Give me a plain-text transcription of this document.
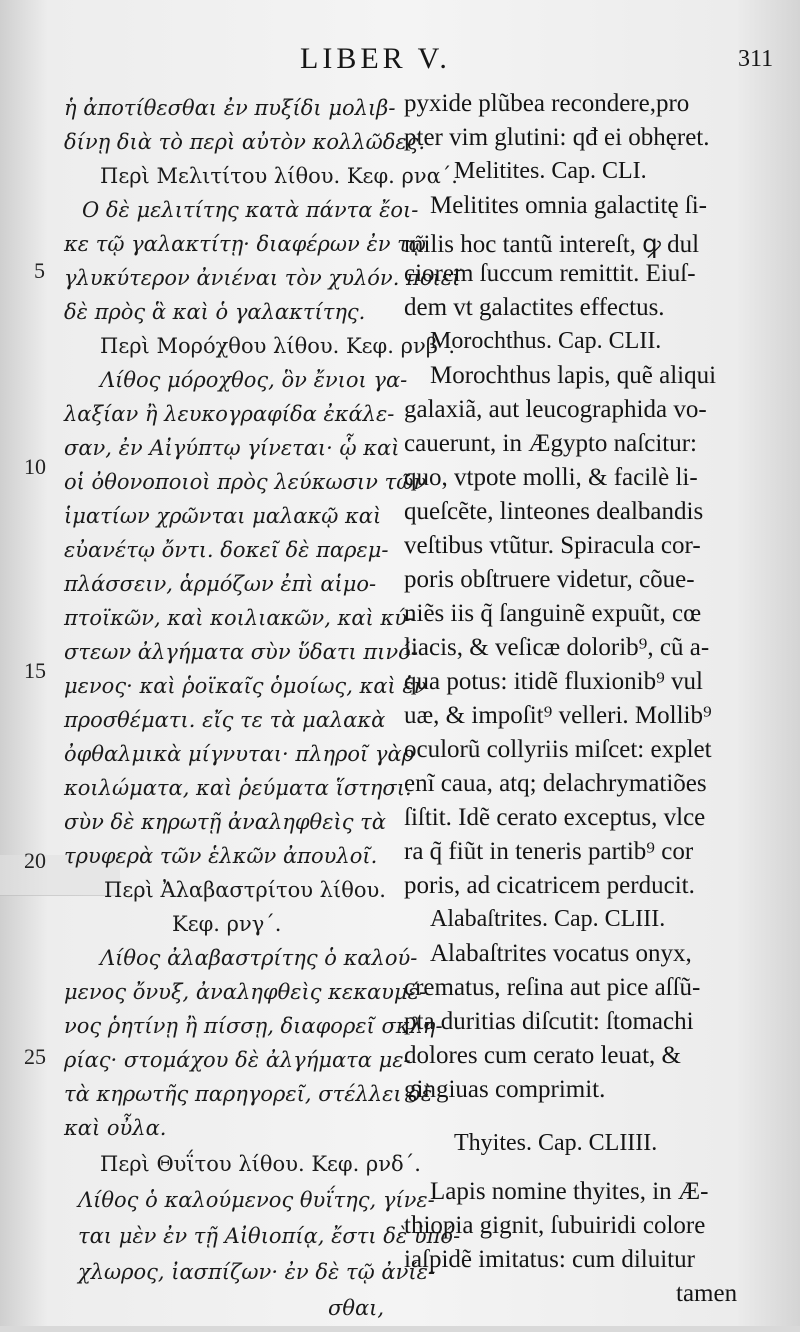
LIBER V.	311
5
10
15
20
25
ἡ ἀποτίθεσθαι ἐν πυξίδι μολιβ-
δίνῃ διὰ τὸ περὶ αὐτὸν κολλῶδες.
Περὶ Μελιτίτου λίθου. Κεφ. ρνα΄.
Ο δὲ μελιτίτης κατὰ πάντα ἔοι-
κε τῷ γαλακτίτῃ· διαφέρων ἐν τῷ
γλυκύτερον ἀνιέναι τὸν χυλόν. ποιεῖ
δὲ πρὸς ἃ καὶ ὁ γαλακτίτης.
Περὶ Μορόχθου λίθου. Κεφ. ρνβ΄.
Λίθος μόροχθος, ὃν ἔνιοι γα-
λαξίαν ἢ λευκογραφίδα ἐκάλε-
σαν, ἐν Αἰγύπτῳ γίνεται· ᾧ καὶ
οἱ ὀθονοποιοὶ πρὸς λεύκωσιν τῶν
ἱματίων χρῶνται μαλακῷ καὶ
εὐανέτῳ ὄντι. δοκεῖ δὲ παρεμ-
πλάσσειν, ἁρμόζων ἐπὶ αἱμο-
πτοϊκῶν, καὶ κοιλιακῶν, καὶ κύ-
στεων ἀλγήματα σὺν ὕδατι πινό-
μενος· καὶ ῥοϊκαῖς ὁμοίως, καὶ ἐν
προσθέματι. εἴς τε τὰ μαλακὰ
ὀφθαλμικὰ μίγνυται· πληροῖ γὰρ
κοιλώματα, καὶ ῥεύματα ἵστησι.
σὺν δὲ κηρωτῇ ἀναληφθεὶς τὰ
τρυφερὰ τῶν ἑλκῶν ἀπουλοῖ.
Περὶ Ἀλαβαστρίτου λίθου.
Κεφ. ρνγ΄.
Λίθος ἀλαβαστρίτης ὁ καλού-
μενος ὄνυξ, ἀναληφθεὶς κεκαυμέ-
νος ῥητίνῃ ἢ πίσσῃ, διαφορεῖ σκλη-
ρίας· στομάχου δὲ ἀλγήματα με-
τὰ κηρωτῆς παρηγορεῖ, στέλλει δὲ
καὶ οὖλα.
Περὶ Θυΐτου λίθου. Κεφ. ρνδ΄.
Λίθος ὁ καλούμενος θυΐτης, γίνε-
ται μὲν ἐν τῇ Αἰθιοπίᾳ, ἔστι δὲ ὑπό-
χλωρος, ἰασπίζων· ἐν δὲ τῷ ἀνίε-
σθαι,
pyxide plũbea recondere,pro
pter vim glutini: qđ ei obhęret.
Melitites. Cap. CLI.
Melitites omnia galactitę ſi-
milis hoc tantũ intereſt, ꝙ dul
ciorem ſuccum remittit. Eiuſ-
dem vt galactites effectus.
Morochthus. Cap. CLII.
Morochthus lapis, quẽ aliqui
galaxiã, aut leucographida vo-
cauerunt, in Ægypto naſcitur:
quo, vtpote molli, & facilè li-
queſcẽte, linteones dealbandis
veſtibus vtũtur. Spiracula cor-
poris obſtruere videtur, cõue-
niẽs iis q̃ ſanguinẽ expuũt, cœ
liacis, & veſicæ dolorib⁹, cũ a-
qua potus: itidẽ fluxionib⁹ vul
uæ, & impoſit⁹ velleri. Mollib⁹
oculorũ collyriis miſcet: explet
enĩ caua, atq; delachrymatiões
ſiſtit. Idẽ cerato exceptus, vlce
ra q̃ fiũt in teneris partib⁹ cor
poris, ad cicatricem perducit.
Alabaſtrites. Cap. CLIII.
Alabaſtrites vocatus onyx,
crematus, reſina aut pice aſſũ-
pta duritias diſcutit: ſtomachi
dolores cum cerato leuat, &
gingiuas comprimit.
Thyites. Cap. CLIIII.
Lapis nomine thyites, in Æ-
thiopia gignit, ſubuiridi colore
iaſpidẽ imitatus: cum diluitur
tamen
